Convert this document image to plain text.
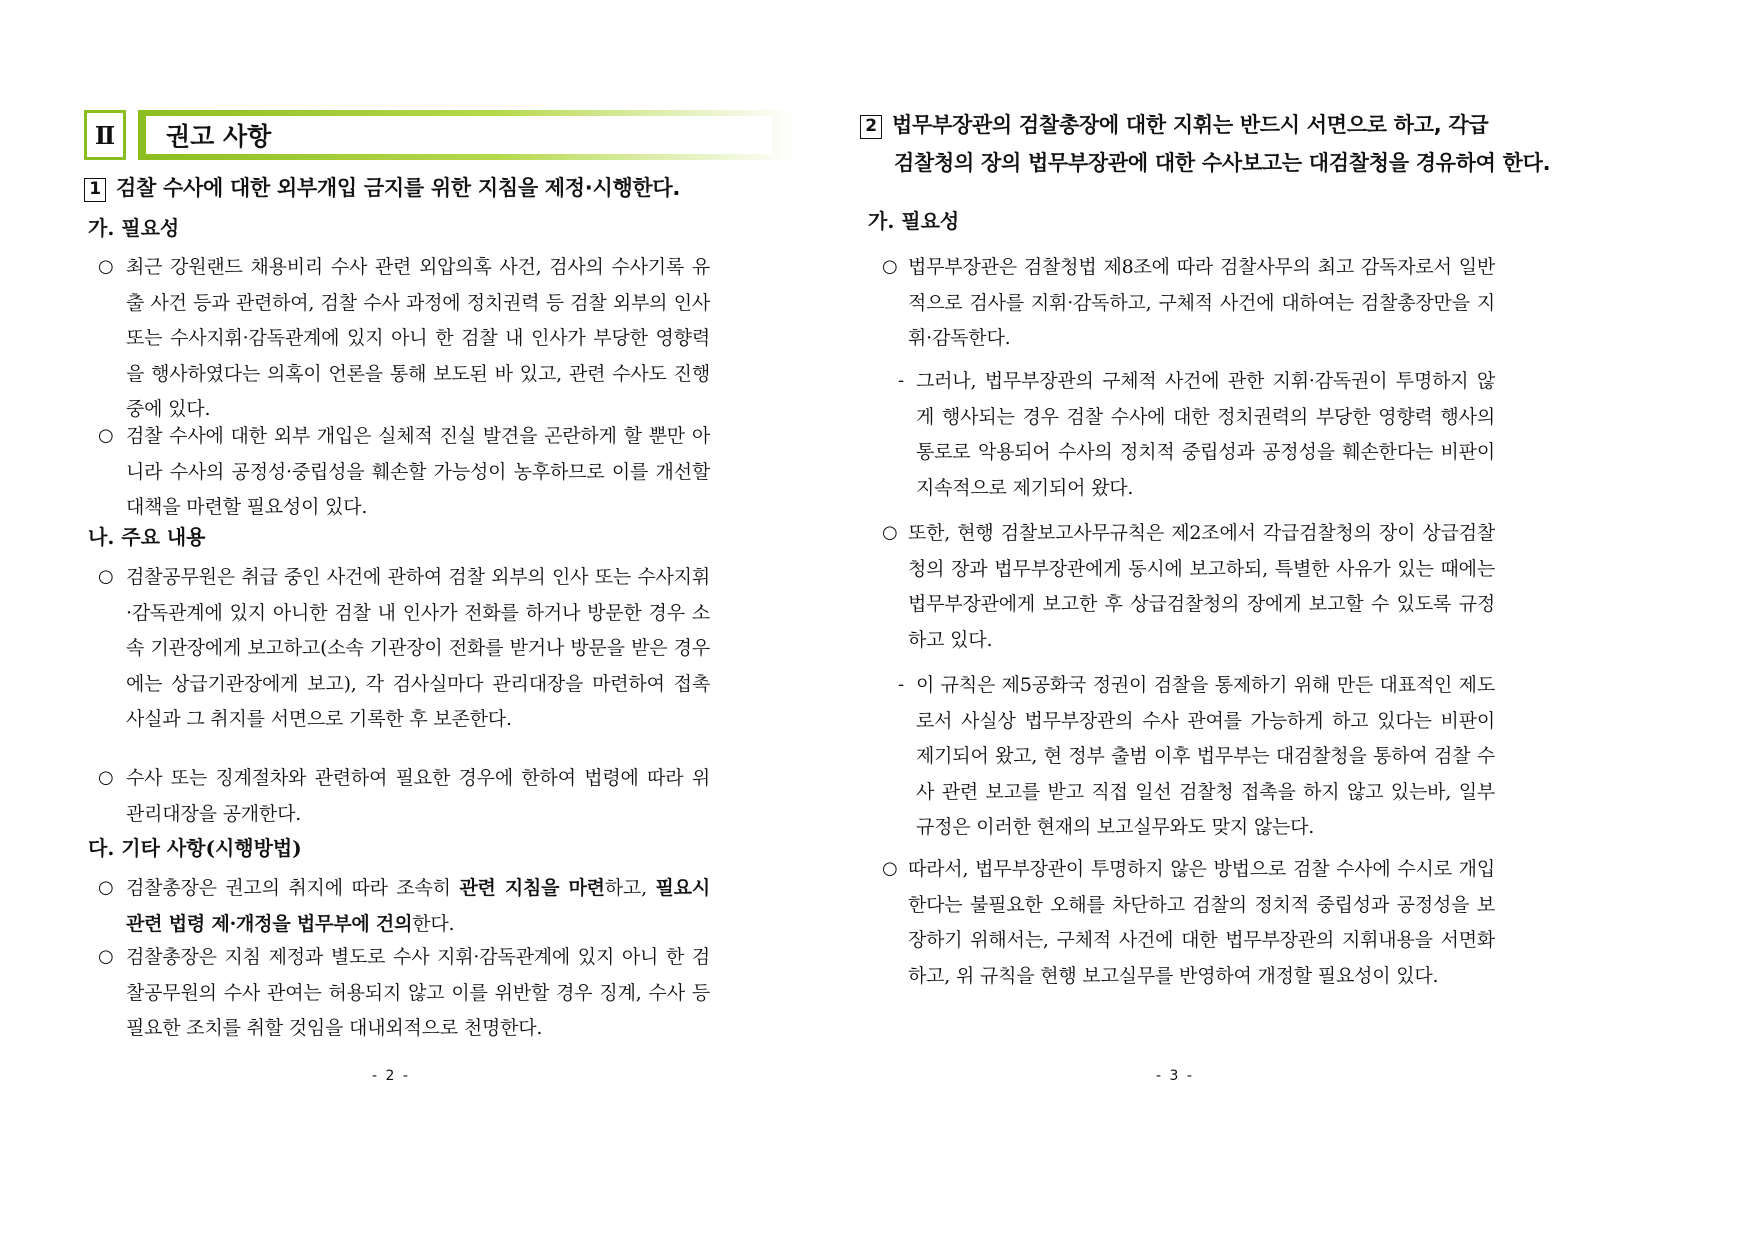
Ⅱ	권고 사항
1 검찰 수사에 대한 외부개입 금지를 위한 지침을 제정·시행한다.
가. 필요성
○ 최근 강원랜드 채용비리 수사 관련 외압의혹 사건, 검사의 수사기록 유출 사건 등과 관련하여, 검찰 수사 과정에 정치권력 등 검찰 외부의 인사 또는 수사지휘·감독관계에 있지 아니 한 검찰 내 인사가 부당한 영향력을 행사하였다는 의혹이 언론을 통해 보도된 바 있고, 관련 수사도 진행 중에 있다.
○ 검찰 수사에 대한 외부 개입은 실체적 진실 발견을 곤란하게 할 뿐만 아니라 수사의 공정성·중립성을 훼손할 가능성이 농후하므로 이를 개선할 대책을 마련할 필요성이 있다.
나. 주요 내용
○ 검찰공무원은 취급 중인 사건에 관하여 검찰 외부의 인사 또는 수사지휘·감독관계에 있지 아니한 검찰 내 인사가 전화를 하거나 방문한 경우 소속 기관장에게 보고하고(소속 기관장이 전화를 받거나 방문을 받은 경우에는 상급기관장에게 보고), 각 검사실마다 관리대장을 마련하여 접촉 사실과 그 취지를 서면으로 기록한 후 보존한다.
○ 수사 또는 징계절차와 관련하여 필요한 경우에 한하여 법령에 따라 위 관리대장을 공개한다.
다. 기타 사항(시행방법)
○ 검찰총장은 권고의 취지에 따라 조속히 관련 지침을 마련하고, 필요시 관련 법령 제·개정을 법무부에 건의한다.
○ 검찰총장은 지침 제정과 별도로 수사 지휘·감독관계에 있지 아니 한 검찰공무원의 수사 관여는 허용되지 않고 이를 위반할 경우 징계, 수사 등 필요한 조치를 취할 것임을 대내외적으로 천명한다.
- 2 -
2 법무부장관의 검찰총장에 대한 지휘는 반드시 서면으로 하고, 각급
검찰청의 장의 법무부장관에 대한 수사보고는 대검찰청을 경유하여 한다.
가. 필요성
○ 법무부장관은 검찰청법 제8조에 따라 검찰사무의 최고 감독자로서 일반적으로 검사를 지휘·감독하고, 구체적 사건에 대하여는 검찰총장만을 지휘·감독한다.
- 그러나, 법무부장관의 구체적 사건에 관한 지휘·감독권이 투명하지 않게 행사되는 경우 검찰 수사에 대한 정치권력의 부당한 영향력 행사의 통로로 악용되어 수사의 정치적 중립성과 공정성을 훼손한다는 비판이 지속적으로 제기되어 왔다.
○ 또한, 현행 검찰보고사무규칙은 제2조에서 각급검찰청의 장이 상급검찰청의 장과 법무부장관에게 동시에 보고하되, 특별한 사유가 있는 때에는 법무부장관에게 보고한 후 상급검찰청의 장에게 보고할 수 있도록 규정하고 있다.
- 이 규칙은 제5공화국 정권이 검찰을 통제하기 위해 만든 대표적인 제도로서 사실상 법무부장관의 수사 관여를 가능하게 하고 있다는 비판이 제기되어 왔고, 현 정부 출범 이후 법무부는 대검찰청을 통하여 검찰 수사 관련 보고를 받고 직접 일선 검찰청 접촉을 하지 않고 있는바, 일부 규정은 이러한 현재의 보고실무와도 맞지 않는다.
○ 따라서, 법무부장관이 투명하지 않은 방법으로 검찰 수사에 수시로 개입한다는 불필요한 오해를 차단하고 검찰의 정치적 중립성과 공정성을 보장하기 위해서는, 구체적 사건에 대한 법무부장관의 지휘내용을 서면화하고, 위 규칙을 현행 보고실무를 반영하여 개정할 필요성이 있다.
- 3 -
